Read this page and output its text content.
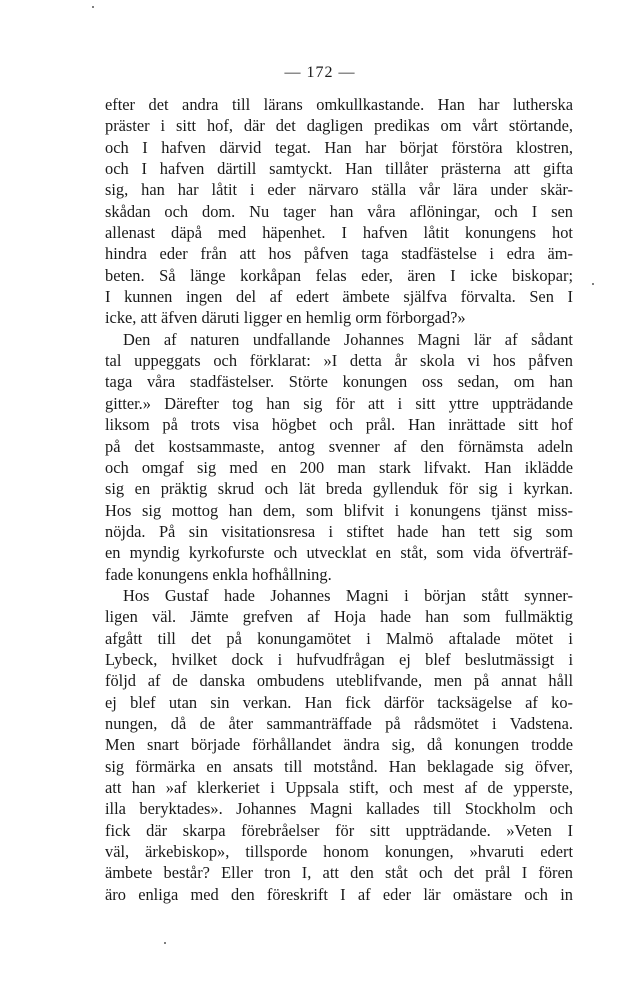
— 172 —
efter det andra till lärans omkullkastande. Han har lutherska
präster i sitt hof, där det dagligen predikas om vårt störtande,
och I hafven därvid tegat. Han har börjat förstöra klostren,
och I hafven därtill samtyckt. Han tillåter prästerna att gifta
sig, han har låtit i eder närvaro ställa vår lära under skär-
skådan och dom. Nu tager han våra aflöningar, och I sen
allenast däpå med häpenhet. I hafven låtit konungens hot
hindra eder från att hos påfven taga stadfästelse i edra äm-
beten. Så länge korkåpan felas eder, ären I icke biskopar;
I kunnen ingen del af edert ämbete själfva förvalta. Sen I
icke, att äfven däruti ligger en hemlig orm förborgad?»
Den af naturen undfallande Johannes Magni lär af sådant
tal uppeggats och förklarat: »I detta år skola vi hos påfven
taga våra stadfästelser. Störte konungen oss sedan, om han
gitter.» Därefter tog han sig för att i sitt yttre uppträdande
liksom på trots visa högbet och prål. Han inrättade sitt hof
på det kostsammaste, antog svenner af den förnämsta adeln
och omgaf sig med en 200 man stark lifvakt. Han iklädde
sig en präktig skrud och lät breda gyllenduk för sig i kyrkan.
Hos sig mottog han dem, som blifvit i konungens tjänst miss-
nöjda. På sin visitationsresa i stiftet hade han tett sig som
en myndig kyrkofurste och utvecklat en ståt, som vida öfverträf-
fade konungens enkla hofhållning.
Hos Gustaf hade Johannes Magni i början stått synner-
ligen väl. Jämte grefven af Hoja hade han som fullmäktig
afgått till det på konungamötet i Malmö aftalade mötet i
Lybeck, hvilket dock i hufvudfrågan ej blef beslutmässigt i
följd af de danska ombudens uteblifvande, men på annat håll
ej blef utan sin verkan. Han fick därför tacksägelse af ko-
nungen, då de åter sammanträffade på rådsmötet i Vadstena.
Men snart började förhållandet ändra sig, då konungen trodde
sig förmärka en ansats till motstånd. Han beklagade sig öfver,
att han »af klerkeriet i Uppsala stift, och mest af de ypperste,
illa beryktades». Johannes Magni kallades till Stockholm och
fick där skarpa förebråelser för sitt uppträdande. »Veten I
väl, ärkebiskop», tillsporde honom konungen, »hvaruti edert
ämbete består? Eller tron I, att den ståt och det prål I fören
äro enliga med den föreskrift I af eder lär omästare och in
